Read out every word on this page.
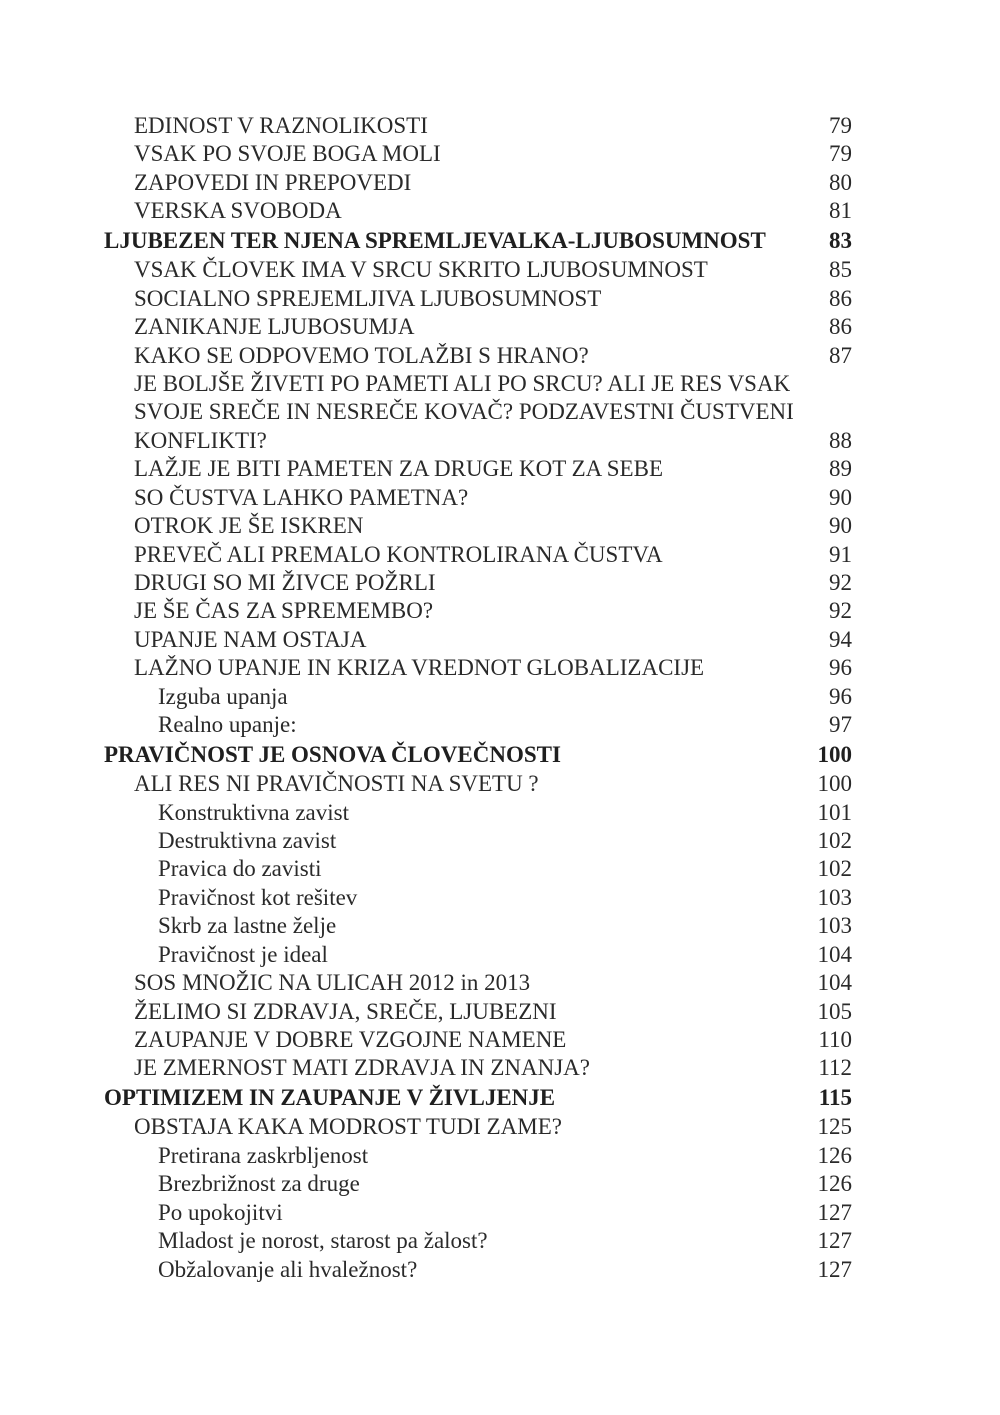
EDINOST V RAZNOLIKOSTI	79
VSAK PO SVOJE BOGA MOLI	79
ZAPOVEDI IN PREPOVEDI	80
VERSKA SVOBODA	81
LJUBEZEN TER NJENA SPREMLJEVALKA-LJUBOSUMNOST	83
VSAK ČLOVEK IMA V SRCU SKRITO LJUBOSUMNOST	85
SOCIALNO SPREJEMLJIVA LJUBOSUMNOST	86
ZANIKANJE LJUBOSUMJA	86
KAKO SE ODPOVEMO TOLAŽBI S HRANO?	87
JE BOLJŠE ŽIVETI PO PAMETI ALI PO SRCU? ALI JE RES VSAK
SVOJE SREČE IN NESREČE KOVAČ? PODZAVESTNI ČUSTVENI
KONFLIKTI?	88
LAŽJE JE BITI PAMETEN ZA DRUGE KOT ZA SEBE	89
SO ČUSTVA LAHKO PAMETNA?	90
OTROK JE ŠE ISKREN	90
PREVEČ ALI PREMALO KONTROLIRANA ČUSTVA	91
DRUGI SO MI ŽIVCE POŽRLI	92
JE ŠE ČAS ZA SPREMEMBO?	92
UPANJE NAM OSTAJA	94
LAŽNO UPANJE IN KRIZA VREDNOT GLOBALIZACIJE	96
Izguba upanja	96
Realno upanje:	97
PRAVIČNOST JE OSNOVA ČLOVEČNOSTI	100
ALI RES NI PRAVIČNOSTI NA SVETU ?	100
Konstruktivna zavist	101
Destruktivna zavist	102
Pravica do zavisti	102
Pravičnost kot rešitev	103
Skrb za lastne želje	103
Pravičnost je ideal	104
SOS MNOŽIC NA ULICAH 2012 in 2013	104
ŽELIMO SI ZDRAVJA, SREČE, LJUBEZNI	105
ZAUPANJE V DOBRE VZGOJNE NAMENE	110
JE ZMERNOST MATI ZDRAVJA IN ZNANJA?	112
OPTIMIZEM IN ZAUPANJE V ŽIVLJENJE	115
OBSTAJA KAKA MODROST TUDI ZAME?	125
Pretirana zaskrbljenost	126
Brezbrižnost za druge	126
Po upokojitvi	127
Mladost je norost, starost pa žalost?	127
Obžalovanje ali hvaležnost?	127
